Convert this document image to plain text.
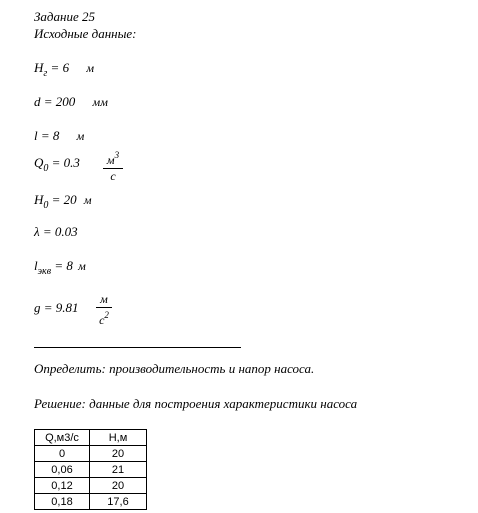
Задание 25
Исходные данные:
$H_г = 6$ м
d = 200 мм
l = 8 м
$Q_0 = 0.3$	$м^3$
с
$H_0 = 20$ м
λ = 0.03
$l_{экв} = 8$ м
g = 9.81
м
$с^2$
Определить: производительность и напор насоса.
Решение: данные для построения характеристики насоса
Q,м3/с	Н,м
0	20
0,06	21
0,12	20
0,18	17,6
